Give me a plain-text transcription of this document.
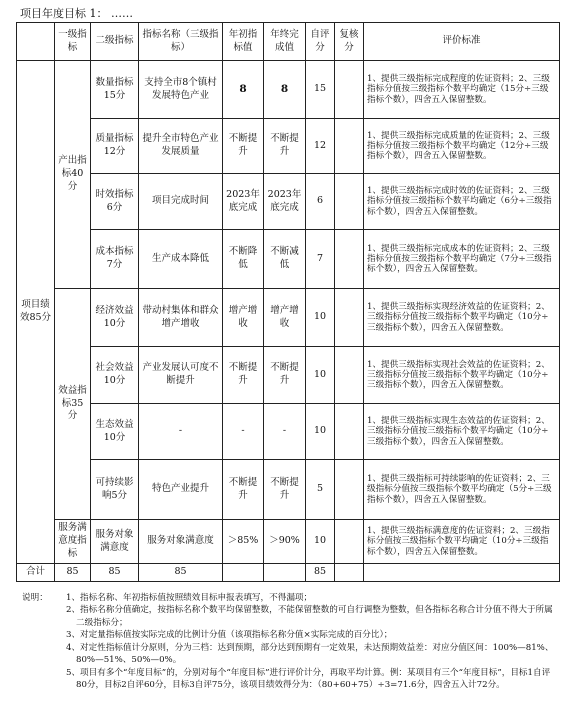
项目年度目标 1： ……
	一级指标	二级指标	指标名称（三级指标）	年初指标值	年终完成值	自评分	复核分	评价标准
项目绩效85分	产出指标40分	数量指标15分	支持全市8个镇村发展特色产业	8	8	15		1、提供三级指标完成程度的佐证资料；2、三级指标分值按三级指标个数平均确定（15分÷三级指标个数），四舍五入保留整数。
		质量指标12分	提升全市特色产业发展质量	不断提升	不断提升	12		1、提供三级指标完成质量的佐证资料；2、三级指标分值按三级指标个数平均确定（12分÷三级指标个数），四舍五入保留整数。
		时效指标6分	项目完成时间	2023年底完成	2023年底完成	6		1、提供三级指标完成时效的佐证资料；2、三级指标分值按三级指标个数平均确定（6分÷三级指标个数），四舍五入保留整数。
		成本指标7分	生产成本降低	不断降低	不断减低	7		1、提供三级指标完成成本的佐证资料；2、三级指标分值按三级指标个数平均确定（7分÷三级指标个数），四舍五入保留整数。
	效益指标35分	经济效益10分	带动村集体和群众增产增收	增产增收	增产增收	10		1、提供三级指标实现经济效益的佐证资料；2、三级指标分值按三级指标个数平均确定（10分÷三级指标个数），四舍五入保留整数。
		社会效益10分	产业发展认可度不断提升	不断提升	不断提升	10		1、提供三级指标实现社会效益的佐证资料；2、三级指标分值按三级指标个数平均确定（10分÷三级指标个数），四舍五入保留整数。
		生态效益10分	-	-	-	10		1、提供三级指标实现生态效益的佐证资料；2、三级指标分值按三级指标个数平均确定（10分÷三级指标个数），四舍五入保留整数。
		可持续影响5分	特色产业提升	不断提升	不断提升	5		1、提供三级指标可持续影响的佐证资料；2、三级指标分值按三级指标个数平均确定（5分÷三级指标个数），四舍五入保留整数。
	服务满意度指标	服务对象满意度	服务对象满意度	＞85%	＞90%	10		1、提供三级指标满意度的佐证资料；2、三级指标分值按三级指标个数平均确定（10分÷三级指标个数），四舍五入保留整数。
合计	85	85	85			85		
说明： 1、指标名称、年初指标值按照绩效目标申报表填写，不得漏项；
2、指标名称分值确定，按指标名称个数平均保留整数，不能保留整数的可自行调整为整数，但各指标名称合计分值不得大于所属二级指标分；
3、对定量指标值按实际完成的比例计分值（该项指标名称分值×实际完成的百分比）；
4、对定性指标值计分原则，分为三档：达到预期，部分达到预期有一定效果，未达预期效益差：对应分值区间：100%—81%、80%—51%、50%—0%。
5、项目有多个“年度目标”的，分别对每个“年度目标”进行评价计分，再取平均计算。例：某项目有三个“年度目标”，目标1自评80分，目标2自评60分，目标3自评75分，该项目绩效得分为：（80+60+75）÷3=71.6分，四舍五入计72分。
